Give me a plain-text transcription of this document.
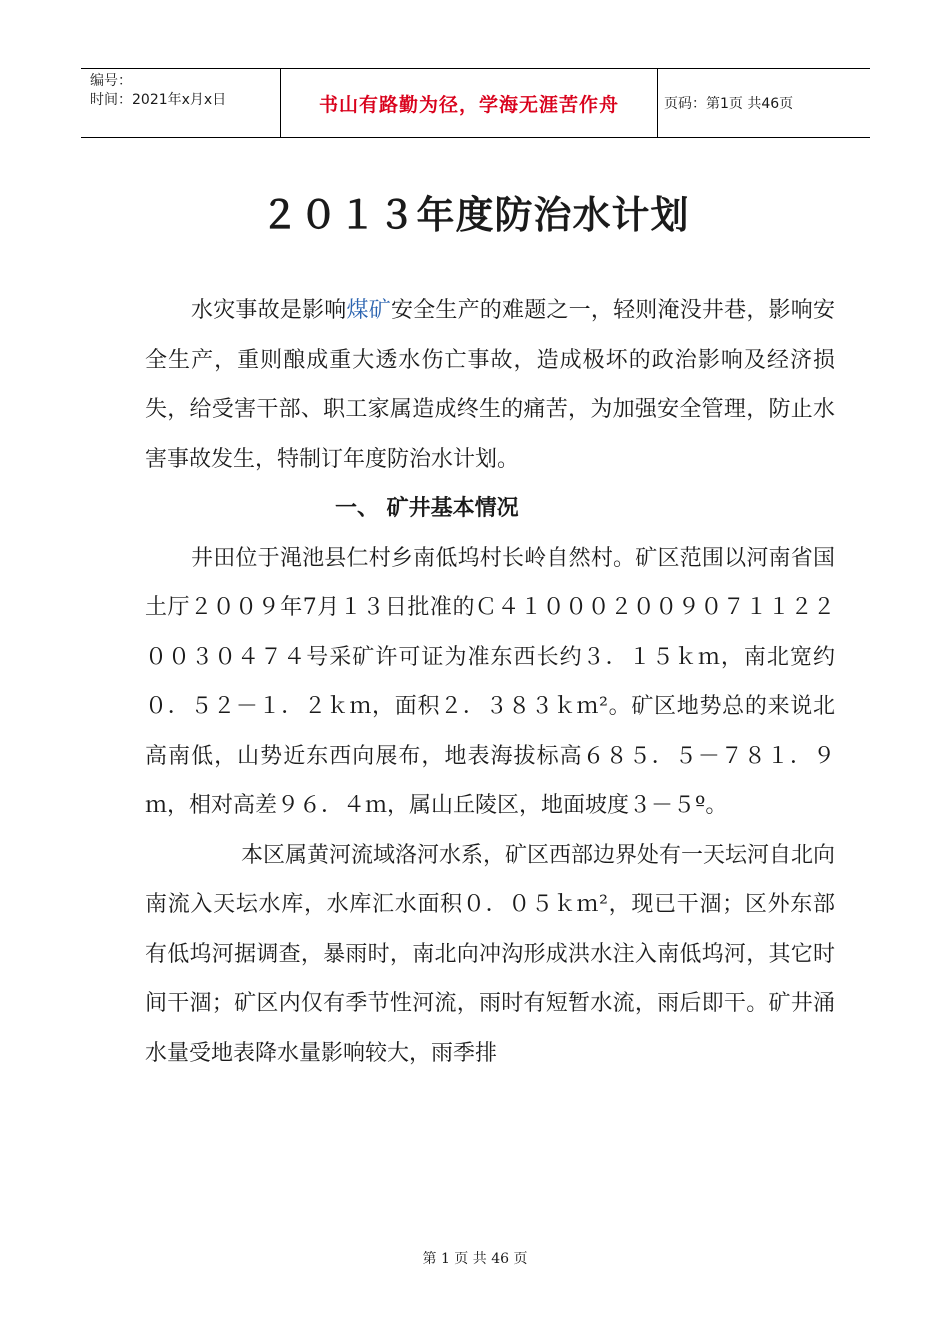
编号：
时间：2021年x月x日	书山有路勤为径，学海无涯苦作舟	页码：第1页 共46页
２０１３年度防治水计划

水灾事故是影响煤矿安全生产的难题之一，轻则淹没井巷，影响安全生产，重则酿成重大透水伤亡事故，造成极坏的政治影响及经济损失，给受害干部、职工家属造成终生的痛苦，为加强安全管理，防止水害事故发生，特制订年度防治水计划。

一、 矿井基本情况

井田位于渑池县仁村乡南低坞村长岭自然村。矿区范围以河南省国土厅２００９年7月１３日批准的Ｃ４１０００２００９０７１１２２００３０４７４号采矿许可证为准东西长约３．１５ｋｍ，南北宽约０．５２－１．２ｋｍ，面积２．３８３ｋｍ²。矿区地势总的来说北高南低，山势近东西向展布，地表海拔标高６８５．５－７８１．９ｍ，相对高差９６．４ｍ，属山丘陵区，地面坡度３－５º。

本区属黄河流域洛河水系，矿区西部边界处有一天坛河自北向南流入天坛水库，水库汇水面积０．０５ｋｍ²，现已干涸；区外东部有低坞河据调查，暴雨时，南北向冲沟形成洪水注入南低坞河，其它时间干涸；矿区内仅有季节性河流，雨时有短暂水流，雨后即干。矿井涌水量受地表降水量影响较大，雨季排

第 1 页 共 46 页
